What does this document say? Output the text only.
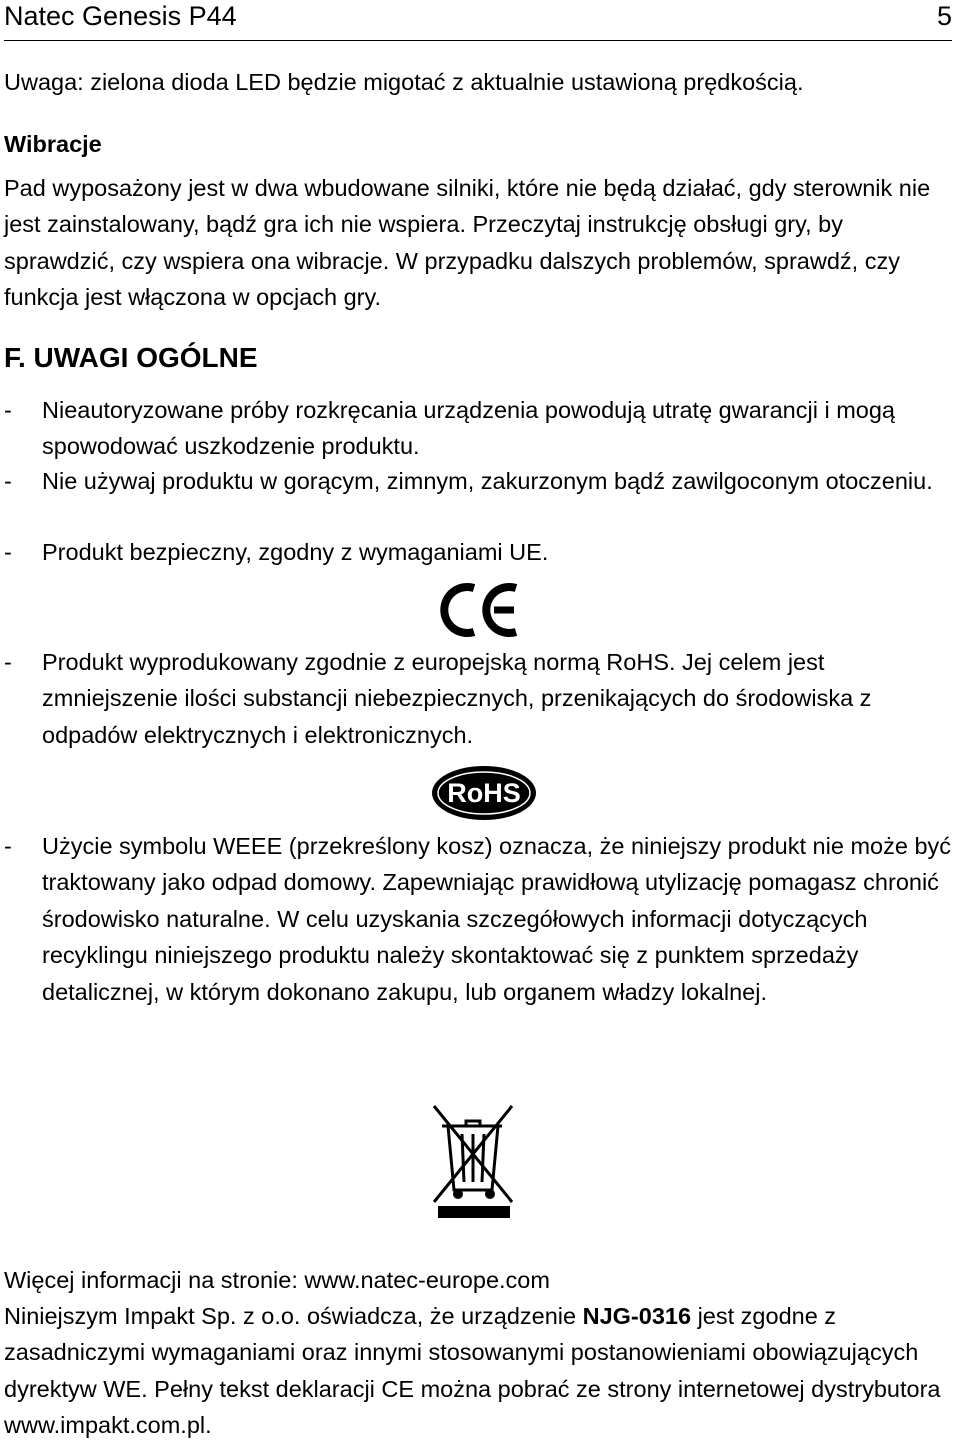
Natec Genesis P44	5

Uwaga: zielona dioda LED będzie migotać z aktualnie ustawioną prędkością.

Wibracje

Pad wyposażony jest w dwa wbudowane silniki, które nie będą działać, gdy sterownik nie jest zainstalowany, bądź gra ich nie wspiera. Przeczytaj instrukcję obsługi gry, by sprawdzić, czy wspiera ona wibracje. W przypadku dalszych problemów, sprawdź, czy funkcja jest włączona w opcjach gry.

F. UWAGI OGÓLNE

- Nieautoryzowane próby rozkręcania urządzenia powodują utratę gwarancji i mogą spowodować uszkodzenie produktu.
- Nie używaj produktu w gorącym, zimnym, zakurzonym bądź zawilgoconym otoczeniu.
- Produkt bezpieczny, zgodny z wymaganiami UE.
- Produkt wyprodukowany zgodnie z europejską normą RoHS. Jej celem jest zmniejszenie ilości substancji niebezpiecznych, przenikających do środowiska z odpadów elektrycznych i elektronicznych.
RoHS
- Użycie symbolu WEEE (przekreślony kosz) oznacza, że niniejszy produkt nie może być traktowany jako odpad domowy. Zapewniając prawidłową utylizację pomagasz chronić środowisko naturalne. W celu uzyskania szczegółowych informacji dotyczących recyklingu niniejszego produktu należy skontaktować się z punktem sprzedaży detalicznej, w którym dokonano zakupu, lub organem władzy lokalnej.

Więcej informacji na stronie: www.natec-europe.com

Niniejszym Impakt Sp. z o.o. oświadcza, że urządzenie NJG-0316 jest zgodne z zasadniczymi wymaganiami oraz innymi stosowanymi postanowieniami obowiązujących dyrektyw WE. Pełny tekst deklaracji CE można pobrać ze strony internetowej dystrybutora www.impakt.com.pl.
